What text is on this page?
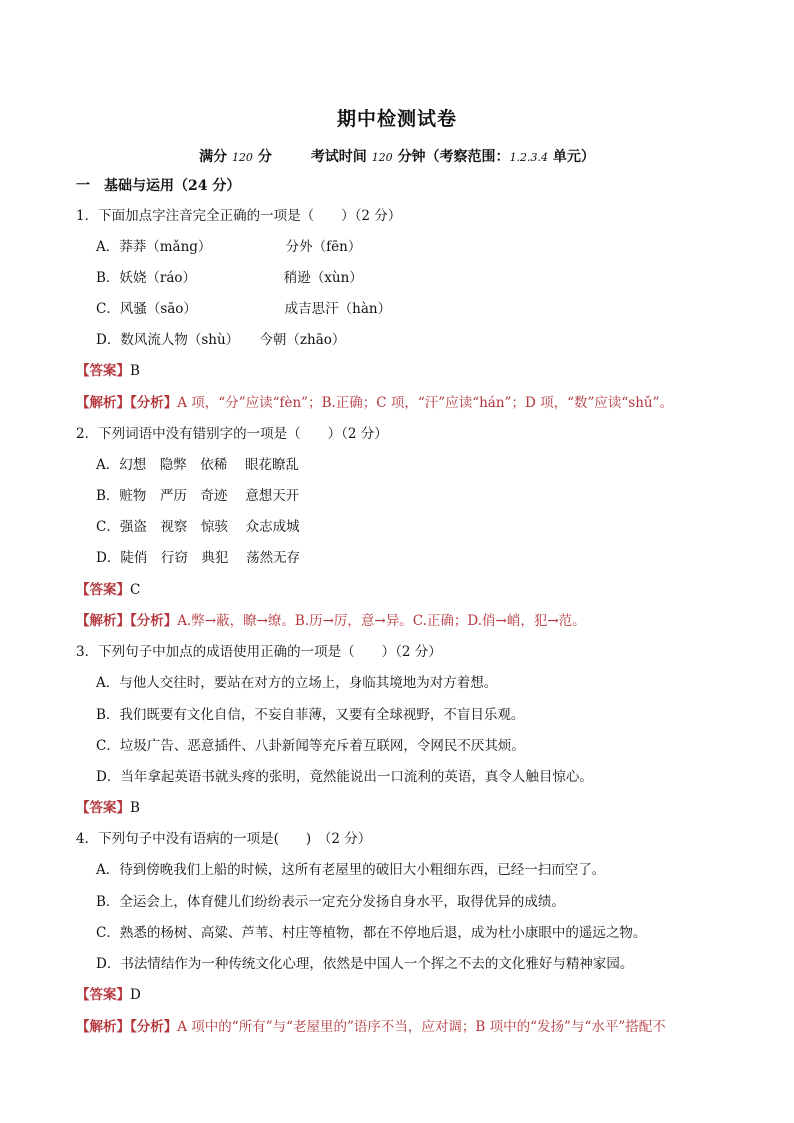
期中检测试卷
满分 120 分	考试时间 120 分钟（考察范围：1.2.3.4 单元）
一　基础与运用（24 分）
1．下面加点字注音完全正确的一项是（　　）（2 分）
A．莽莽（mǎng）　　　　　　分外（fēn）
B．妖娆（ráo）　　　　　　　稍逊（xùn）
C．风骚（sāo）　　　　　　　成吉思汗（hàn）
D．数风流人物（shù）　　今朝（zhāo）
【答案】B
【解析】【分析】A 项，“分”应读“fèn”；B.正确；C 项，“汗”应读“hán”；D 项，“数”应读“shǔ”。
2．下列词语中没有错别字的一项是（　　）（2 分）
A．幻想　隐弊　依稀　 眼花瞭乱
B．赃物　严历　奇迹　 意想天开
C．强盗　视察　惊骇　 众志成城
D．陡俏　行窃　典犯　 荡然无存
【答案】C
【解析】【分析】A.弊→蔽，瞭→缭。B.历→厉，意→异。C.正确；D.俏→峭，犯→范。
3．下列句子中加点的成语使用正确的一项是（　　）（2 分）
A．与他人交往时，要站在对方的立场上，身临其境地为对方着想。
B．我们既要有文化自信，不妄自菲薄，又要有全球视野，不盲目乐观。
C．垃圾广告、恶意插件、八卦新闻等充斥着互联网，令网民不厌其烦。
D．当年拿起英语书就头疼的张明，竟然能说出一口流利的英语，真令人触目惊心。
【答案】B
4．下列句子中没有语病的一项是(　　)　（2 分）
A．待到傍晚我们上船的时候，这所有老屋里的破旧大小粗细东西，已经一扫而空了。
B．全运会上，体育健儿们纷纷表示一定充分发扬自身水平，取得优异的成绩。
C．熟悉的杨树、高粱、芦苇、村庄等植物，都在不停地后退，成为杜小康眼中的遥远之物。
D．书法情结作为一种传统文化心理，依然是中国人一个挥之不去的文化雅好与精神家园。
【答案】D
【解析】【分析】A 项中的“所有”与“老屋里的”语序不当，应对调；B 项中的“发扬”与“水平”搭配不
